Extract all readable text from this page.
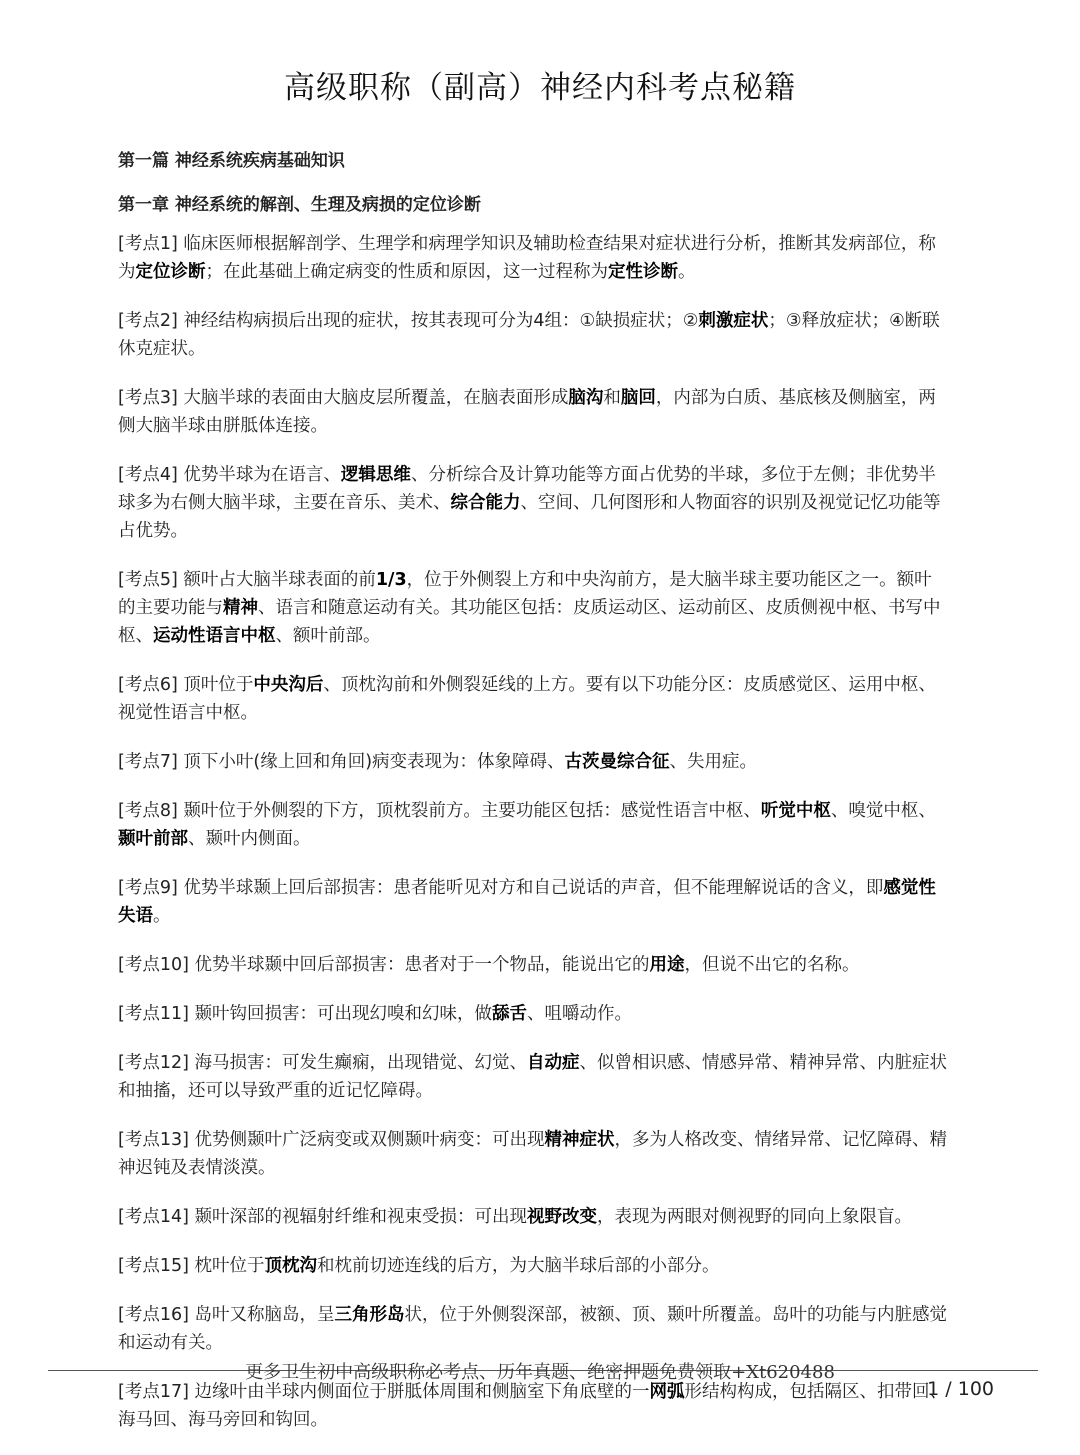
高级职称（副高）神经内科考点秘籍
第一篇 神经系统疾病基础知识
第一章 神经系统的解剖、生理及病损的定位诊断

[考点1] 临床医师根据解剖学、生理学和病理学知识及辅助检查结果对症状进行分析，推断其发病部位，称为定位诊断；在此基础上确定病变的性质和原因，这一过程称为定性诊断。

[考点2] 神经结构病损后出现的症状，按其表现可分为4组：①缺损症状；②刺激症状；③释放症状；④断联休克症状。

[考点3] 大脑半球的表面由大脑皮层所覆盖，在脑表面形成脑沟和脑回，内部为白质、基底核及侧脑室，两侧大脑半球由胼胝体连接。

[考点4] 优势半球为在语言、逻辑思维、分析综合及计算功能等方面占优势的半球，多位于左侧；非优势半球多为右侧大脑半球，主要在音乐、美术、综合能力、空间、几何图形和人物面容的识别及视觉记忆功能等占优势。

[考点5] 额叶占大脑半球表面的前1/3，位于外侧裂上方和中央沟前方，是大脑半球主要功能区之一。额叶的主要功能与精神、语言和随意运动有关。其功能区包括：皮质运动区、运动前区、皮质侧视中枢、书写中枢、运动性语言中枢、额叶前部。

[考点6] 顶叶位于中央沟后、顶枕沟前和外侧裂延线的上方。要有以下功能分区：皮质感觉区、运用中枢、视觉性语言中枢。

[考点7] 顶下小叶(缘上回和角回)病变表现为：体象障碍、古茨曼综合征、失用症。

[考点8] 颞叶位于外侧裂的下方，顶枕裂前方。主要功能区包括：感觉性语言中枢、听觉中枢、嗅觉中枢、颞叶前部、颞叶内侧面。

[考点9] 优势半球颞上回后部损害：患者能听见对方和自己说话的声音，但不能理解说话的含义，即感觉性失语。

[考点10] 优势半球颞中回后部损害：患者对于一个物品，能说出它的用途，但说不出它的名称。

[考点11] 颞叶钩回损害：可出现幻嗅和幻味，做舔舌、咀嚼动作。

[考点12] 海马损害：可发生癫痫，出现错觉、幻觉、自动症、似曾相识感、情感异常、精神异常、内脏症状和抽搐，还可以导致严重的近记忆障碍。

[考点13] 优势侧颞叶广泛病变或双侧颞叶病变：可出现精神症状，多为人格改变、情绪异常、记忆障碍、精神迟钝及表情淡漠。

[考点14] 颞叶深部的视辐射纤维和视束受损：可出现视野改变，表现为两眼对侧视野的同向上象限盲。

[考点15] 枕叶位于顶枕沟和枕前切迹连线的后方，为大脑半球后部的小部分。

[考点16] 岛叶又称脑岛，呈三角形岛状，位于外侧裂深部，被额、顶、颞叶所覆盖。岛叶的功能与内脏感觉和运动有关。

[考点17] 边缘叶由半球内侧面位于胼胝体周围和侧脑室下角底壁的一网弧形结构构成，包括隔区、扣带回、海马回、海马旁回和钩回。

更多卫生初中高级职称必考点、历年真题、绝密押题免费领取+Xt620488
1 / 100
